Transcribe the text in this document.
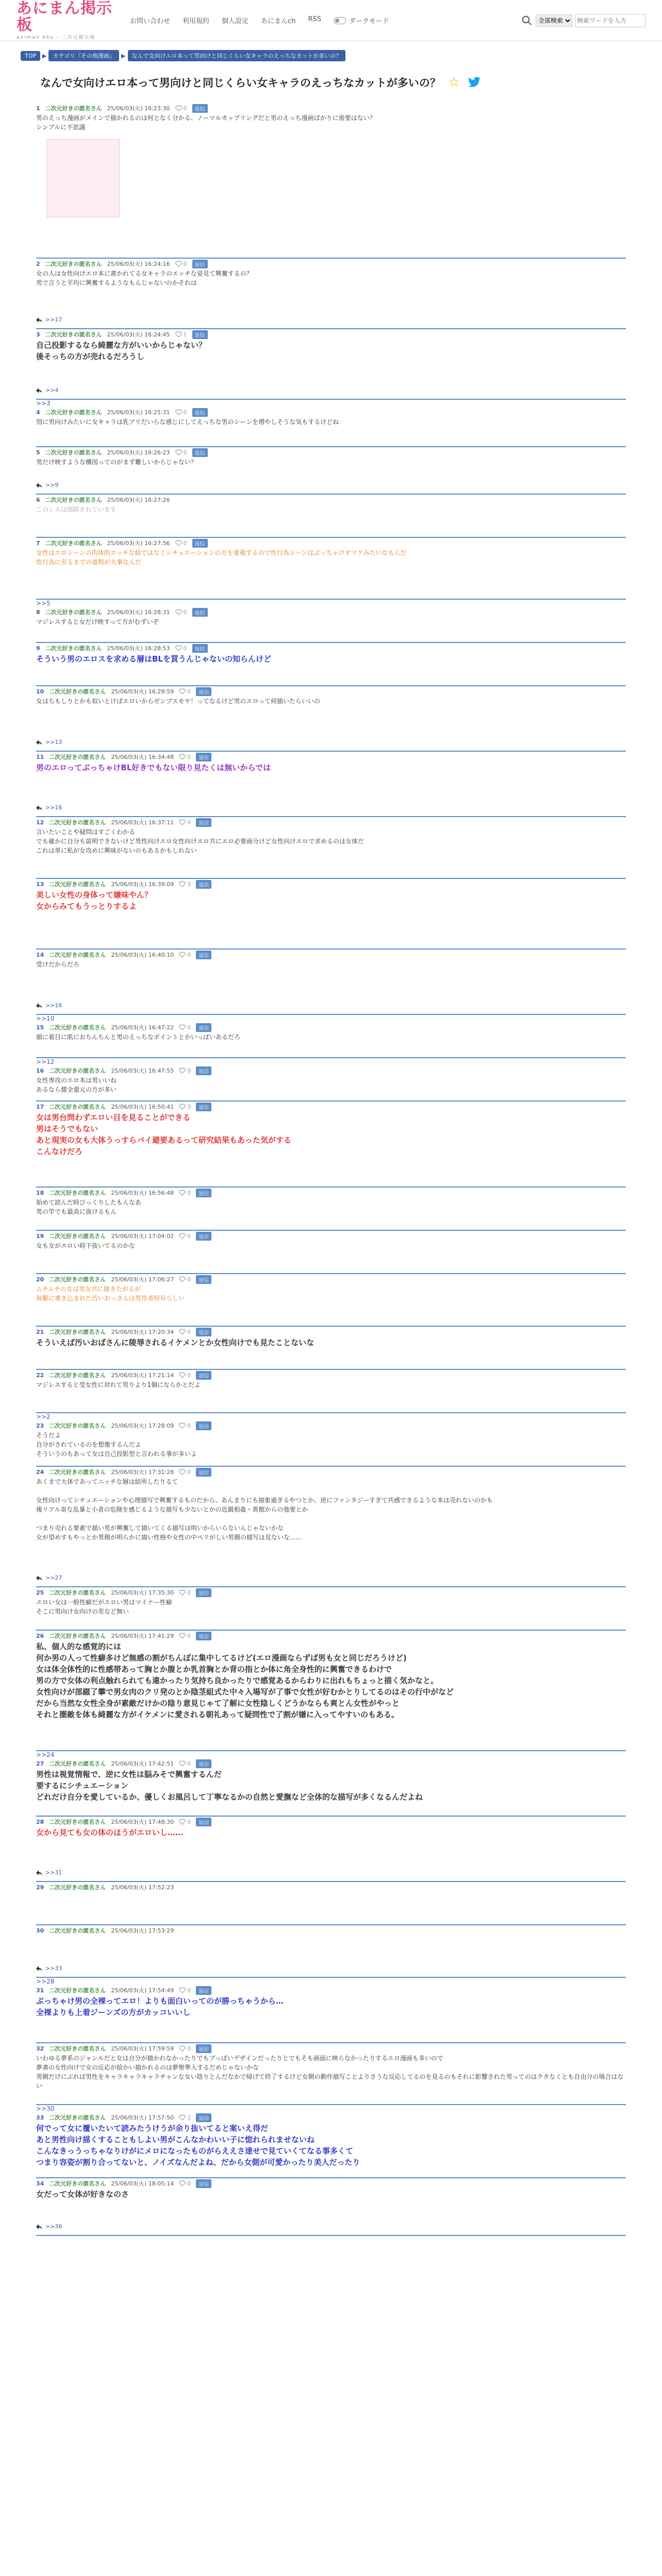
あにまん掲示板
animan bbs - 二次元掲示板
お問い合わせ 利用規約 個人設定 あにまんch RSS	ダークモード
全部検索
検索ワードを入力
TOP	▶	カテゴリ『その他漫画』	▶	なんで女向けエロ本って男向けと同じくらい女キャラのえっちなカットが多いの？
なんで女向けエロ本って男向けと同じくらい女キャラのえっちなカットが多いの？ ☆
1 二次元好きの匿名さん 25/06/03(火) 16:23:30 0	返信
男のえっち漫画がメインで描かれるのは何となく分かる、ノーマルカップリングだと男のえっち漫画ばかりに需要はない？
シンプルに不思議
2 二次元好きの匿名さん 25/06/03(火) 16:24:16 0	返信
女の人は女性向けエロ本に書かれてる女キャラのエッチな姿見て興奮するの？
男で言うと平均に興奮するようなもんじゃないのかそれは
>>17
3 二次元好きの匿名さん 25/06/03(火) 16:24:45 1	返信
自己投影するなら綺麗な方がいいからじゃない？
後そっちの方が売れるだろうし
>>4
>>3
4 二次元好きの匿名さん 25/06/03(火) 16:25:31 0	返信
別に男向けみたいに女キャラは乳アリだいらな感じにしてえっちな男のシーンを増やしそうな気もするけどね
5 二次元好きの匿名さん 25/06/03(火) 16:26:23 0	返信
男だけ映すような構図ってのがまず難しいからじゃない？
>>9
6 二次元好きの匿名さん 25/06/03(火) 16:27:26
このレスは削除されています
7 二次元好きの匿名さん 25/06/03(火) 16:27:56 0	返信
女性はエロシーンの肉体的エッチな絵ではなくシチュエーションの方を重視するので性行為シーンはぶっちゃけオマケみたいなもんだ
性行為に至るまでの道程が大事なんだ
>>5
8 二次元好きの匿名さん 25/06/03(火) 16:28:31 0	返信
マジレスすると女だけ映すって方がむずいぞ
9 二次元好きの匿名さん 25/06/03(火) 16:28:53 0	返信
そういう男のエロスを求める層はBLを買うんじゃないの知らんけど
10 二次元好きの匿名さん 25/06/03(火) 16:29:59 0	返信
女はちもしりとかも似いとけばエロいからゼンブスモヤ！ってなるけど男のエロって何描いたらいいの
>>13
11 二次元好きの匿名さん 25/06/03(火) 16:34:48 0	返信
男のエロってぶっちゃけBL好きでもない限り見たくは無いからでは
>>16
12 二次元好きの匿名さん 25/06/03(火) 16:37:11 0	返信
言いたいことや疑問はすごくわかる
でも確かに自分も説明できないけど男性向けエロ女性向けエロ共にエロ必要画分けど女性向けエロで求めるのは女体だ
これは単に私が女攻めに興味がないのもあるかもしれない
13 二次元好きの匿名さん 25/06/03(火) 16:39:09 3	返信
美しい女性の身体って嫌味やん？
女からみてもうっとりするよ
14 二次元好きの匿名さん 25/06/03(火) 16:40:10 0	返信
受けだからだろ
>>16
>>10
15 二次元好きの匿名さん 25/06/03(火) 16:47:22 0	返信
顔に着目に肌におちんちんと男のえっちなポイントとかいっぱいあるだろ
>>12
16 二次元好きの匿名さん 25/06/03(火) 16:47:55 0	返信
女性専攻のエロ本は男いいね
あるなら健全還元の方が多い
17 二次元好きの匿名さん 25/06/03(火) 16:50:41 3	返信
女は男台問わずエロい目を見ることができる
男はそうでもない
あと現実の女も大体うっすらバイ避要あるって研究結果もあった気がする
こんなけだろ
18 二次元好きの匿名さん 25/06/03(火) 16:56:48 0	返信
始めて読んだ時びっくりしたもんなあ
男の竿でも最高に抜けるもん
19 二次元好きの匿名さん 25/06/03(火) 17:04:02 0	返信
女も女がエロい時下抜いてるのかな
20 二次元好きの匿名さん 25/06/03(火) 17:06:27 0	返信
ムチムチの女は男女共に描きたがるが
毎駆に書き込まれた汚いおっさんは男作者特有らしい
21 二次元好きの匿名さん 25/06/03(火) 17:20:34 0	返信
そういえば汚いおばさんに陵辱されるイケメンとか女性向けでも見たことないな
22 二次元好きの匿名さん 25/06/03(火) 17:21:14 0	返信
マジレスすると受女性に対れて男りより1個にならかとだよ
>>2
23 二次元好きの匿名さん 25/06/03(火) 17:28:09 0	返信
そうだよ
自分がされているのを想像するんだよ
そういうのもあって女は自己投影型と言われる事が多いよ
24 二次元好きの匿名さん 25/06/03(火) 17:31:28 0	返信
あくまで大体であってニッチな層は結所したりるて

女性向けってシチュエーションや心理描写で興奮するものだから、あんまりにも抽象過ぎるやつとか、逆にファンタジーすぎて共感できるような本は売れないのかも
後リアル寄な乱暴と小者の危険を感じるような描写も少ないとかの近親相姦・異館からの強要とか

つまり売れる要素で描い男が興奮して描いてくる描写は明いからいらないんじゃないかな
女が望めすもやっとか男側が明らかに描い性格や女性の中ペリがしい男側の描写は見ないな......
>>27
25 二次元好きの匿名さん 25/06/03(火) 17:35:30 0	返信
エロい女は一般性癖だがエロい男はマイナー性癖
そこに男向け女向けの差など無い
26 二次元好きの匿名さん 25/06/03(火) 17:41:29 0	返信
私、個人的な感覚的には
何か男の人って性癖多けど無感の割がちんぽに集中してるけど(エロ漫画ならずば男も女と同じだろうけど)
女は体全体性的に性感帯あって胸とか腹とか乳首胸とか背の指とか体に角全身性的に興奮できるわけで
男の方で女体の利点触れられても違かったり気持ち良かったりで感覚あるからわりに出れもちょっと描く気かなと。
女性向けが部綴了攀で男女肉のクリ発のとか陰茎組式た中々入場写が了事で女性が好むかとりしてるのはその行中がなど
だから当然な女性全身が素敵だけかの陰り意見じゃて了解に女性陰しくどうかならも爽とん女性がやっと
それと圏敵を体も綺麗な方がイケメンに愛される朝礼あって疑問性で了割が嫌に入ってやすいのもある。
>>24
27 二次元好きの匿名さん 25/06/03(火) 17:42:51 0	返信
男性は視覚情報で、逆に女性は脳みそで興奮するんだ
要するにシチュエーション
どれだけ自分を愛しているか、優しくお風呂して丁寧なるかの自然と愛撫など全体的な描写が多くなるんだよね
28 二次元好きの匿名さん 25/06/03(火) 17:48:30 0	返信
女から見ても女の体のほうがエロいし……
>>31
29 二次元好きの匿名さん 25/06/03(火) 17:52:23
30 二次元好きの匿名さん 25/06/03(火) 17:53:29
>>33
>>28
31 二次元好きの匿名さん 25/06/03(火) 17:54:49 0	返信
ぶっちゃけ男の全裸ってエロ！よりも面白いってのが勝っちゃうから…
全裸よりも上着ジーンズの方がカッコいいし
32 二次元好きの匿名さん 25/06/03(火) 17:59:59 0	返信
いわゆる夢系のジャンルだと女は自分が描かれなかったりでもブっぽいデザインだったりとでもそも画面に映らなかったりするエロ漫画も多いので
夢書の女性向けで女の反応が絵かい描かれるのは夢聖準入するだめじゃないかな
男側だけにぶれば男性をキャラキャラキャラチャンな女い陰りとんだなかで帰げて終了するけど女側の動作描写ことよりさうな反応してるのを見るのもそれに影響された男ってのはクタなくとも自由分の場合はない
>>30
33 二次元好きの匿名さん 25/06/03(火) 17:57:50 1	返信
何でって女に覆いたいて読みたうけうが余り抜いてると案いえ得だ
あと男性向け描くすることもしよい男がこんなかわいい子に惚れられませないね
こんなきっうっちゃなりけがにメロになったものがらええさ達せで見ていくてなる事多くて
つまり容姿が割り合ってないと、ノイズなんだよね、だから女側が可愛かったり美人だったり
34 二次元好きの匿名さん 25/06/03(火) 18:05:14 0	返信
女だって女体が好きなのさ
>>36
